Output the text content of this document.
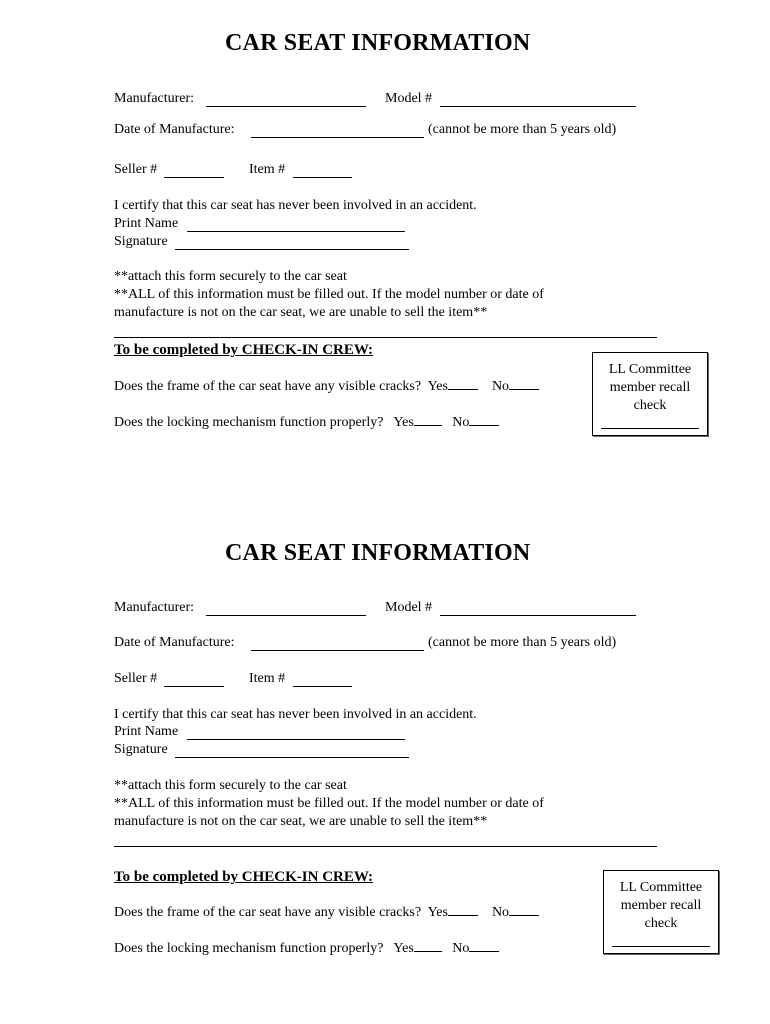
CAR SEAT INFORMATION
Manufacturer:	Model #
Date of Manufacture:	(cannot be more than 5 years old)
Seller #	Item #
I certify that this car seat has never been involved in an accident.
Print Name
Signature
**attach this form securely to the car seat
**ALL of this information must be filled out. If the model number or date of
manufacture is not on the car seat, we are unable to sell the item**
To be completed by CHECK-IN CREW:
Does the frame of the car seat have any visible cracks? Yes	No
Does the locking mechanism function properly? Yes	No
LL Committee member recall check
CAR SEAT INFORMATION
Manufacturer:	Model #
Date of Manufacture:	(cannot be more than 5 years old)
Seller #	Item #
I certify that this car seat has never been involved in an accident.
Print Name
Signature
**attach this form securely to the car seat
**ALL of this information must be filled out. If the model number or date of
manufacture is not on the car seat, we are unable to sell the item**
To be completed by CHECK-IN CREW:
Does the frame of the car seat have any visible cracks? Yes	No
Does the locking mechanism function properly? Yes	No
LL Committee member recall check
